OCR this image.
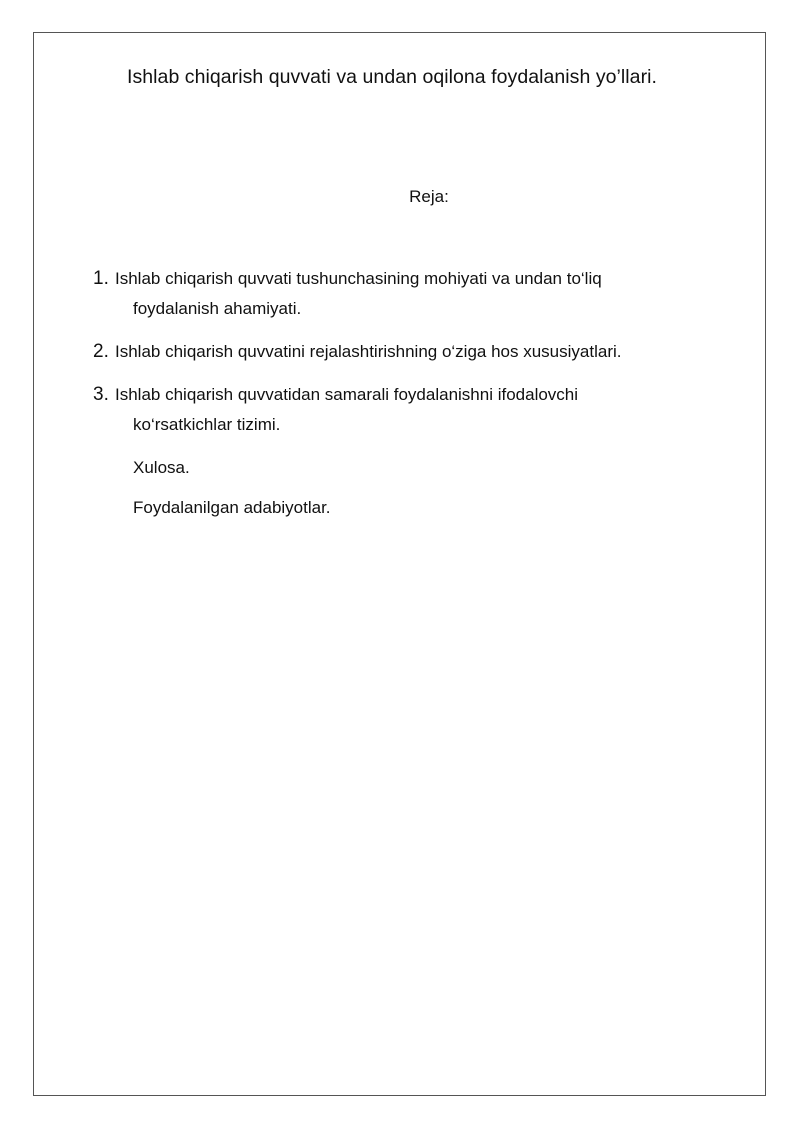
Ishlab chiqarish quvvati va undan oqilona foydalanish yo’llari.
Reja:
1. Ishlab chiqarish quvvati tushunchasining mohiyati va undan to‘liq
foydalanish ahamiyati.
2. Ishlab chiqarish quvvatini rejalashtirishning o‘ziga hos xususiyatlari.
3. Ishlab chiqarish quvvatidan samarali foydalanishni ifodalovchi
ko‘rsatkichlar tizimi.
Xulosa.
Foydalanilgan adabiyotlar.
